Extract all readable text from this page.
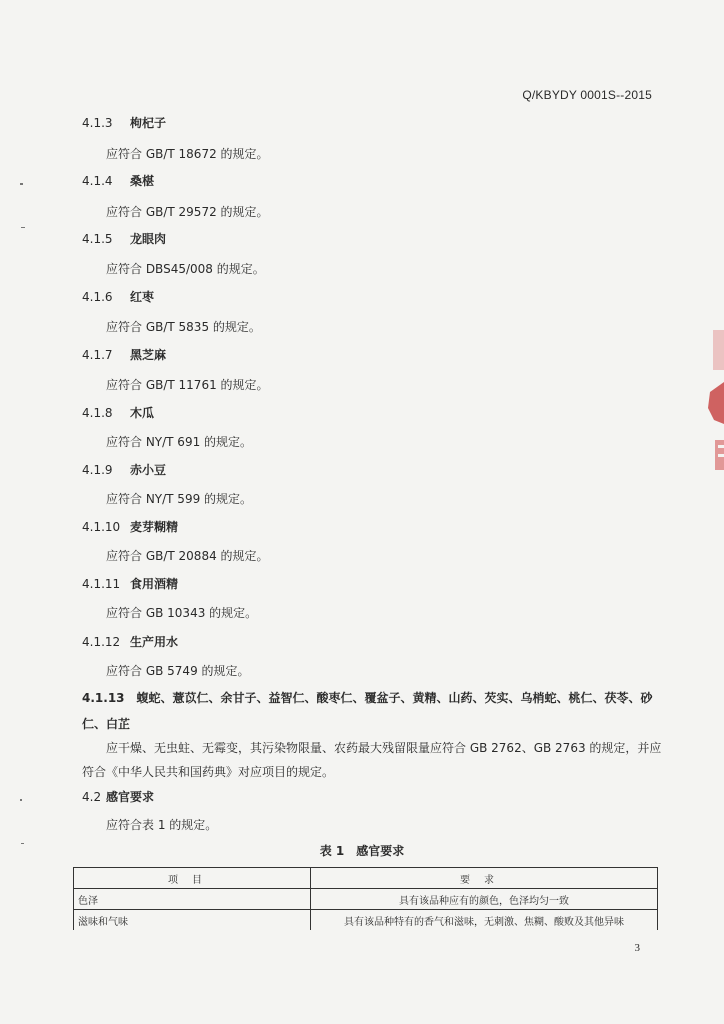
Q/KBYDY 0001S--2015
4.1.3 枸杞子
应符合 GB/T 18672 的规定。
4.1.4 桑椹
应符合 GB/T 29572 的规定。
4.1.5 龙眼肉
应符合 DBS45/008 的规定。
4.1.6 红枣
应符合 GB/T 5835 的规定。
4.1.7 黑芝麻
应符合 GB/T 11761 的规定。
4.1.8 木瓜
应符合 NY/T 691 的规定。
4.1.9 赤小豆
应符合 NY/T 599 的规定。
4.1.10 麦芽糊精
应符合 GB/T 20884 的规定。
4.1.11 食用酒精
应符合 GB 10343 的规定。
4.1.12 生产用水
应符合 GB 5749 的规定。
4.1.13　蝮蛇、薏苡仁、余甘子、益智仁、酸枣仁、覆盆子、黄精、山药、芡实、乌梢蛇、桃仁、茯苓、砂仁、白芷
应干燥、无虫蛀、无霉变，其污染物限量、农药最大残留限量应符合 GB 2762、GB 2763 的规定，并应符合《中华人民共和国药典》对应项目的规定。
4.2 感官要求
应符合表 1 的规定。
表 1　感官要求
项目	要求
色泽	具有该品种应有的颜色，色泽均匀一致
滋味和气味	具有该品种特有的香气和滋味，无刺激、焦糊、酸败及其他异味
3
